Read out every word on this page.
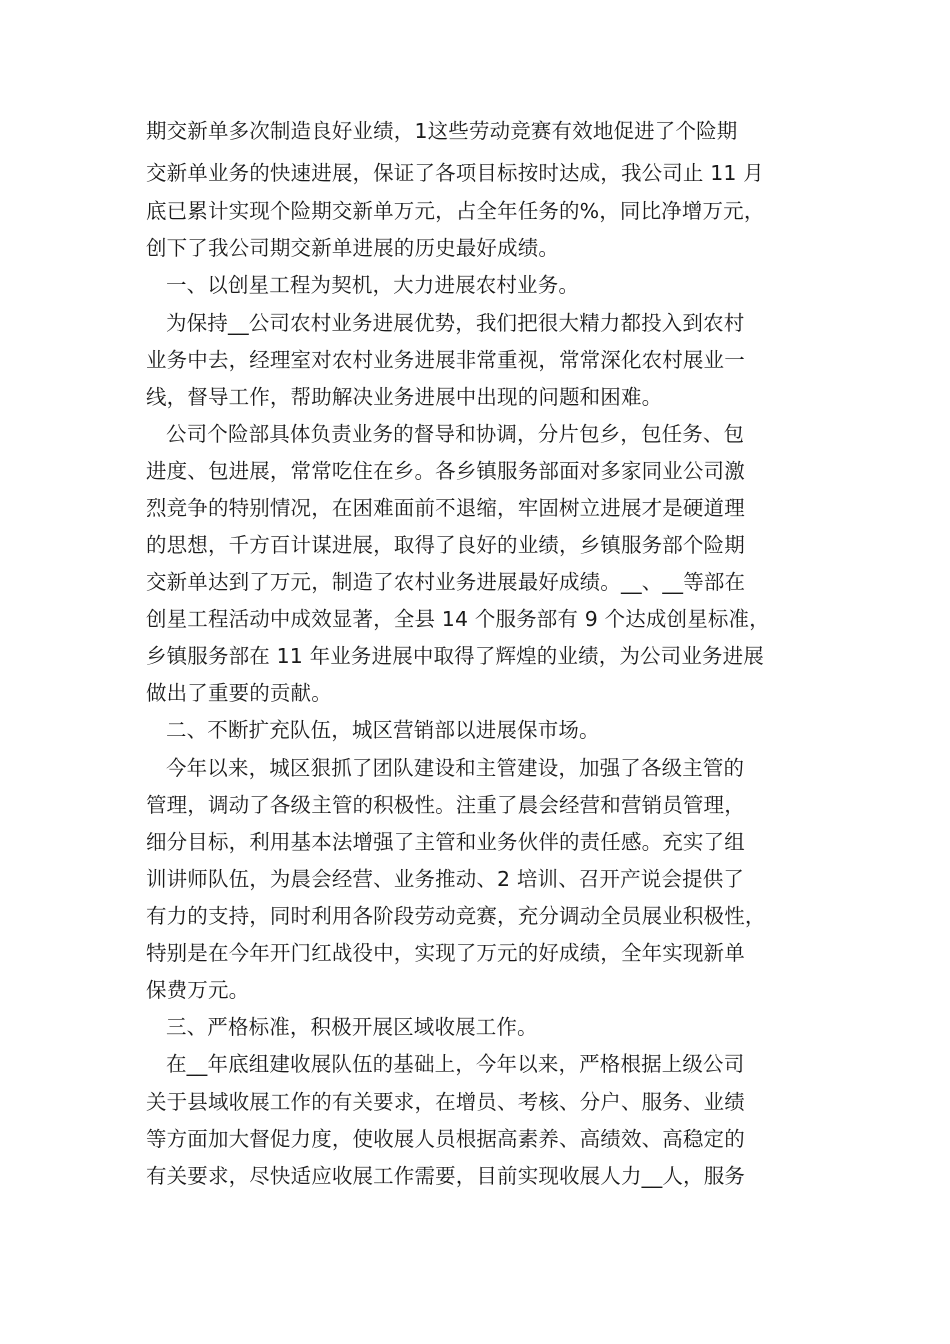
期交新单多次制造良好业绩，1这些劳动竞赛有效地促进了个险期
交新单业务的快速进展，保证了各项目标按时达成，我公司止 11 月
底已累计实现个险期交新单万元，占全年任务的%，同比净增万元，
创下了我公司期交新单进展的历史最好成绩。
一、以创星工程为契机，大力进展农村业务。
为保持__公司农村业务进展优势，我们把很大精力都投入到农村
业务中去，经理室对农村业务进展非常重视，常常深化农村展业一
线，督导工作，帮助解决业务进展中出现的问题和困难。
公司个险部具体负责业务的督导和协调，分片包乡，包任务、包
进度、包进展，常常吃住在乡。各乡镇服务部面对多家同业公司激
烈竞争的特别情况，在困难面前不退缩，牢固树立进展才是硬道理
的思想，千方百计谋进展，取得了良好的业绩，乡镇服务部个险期
交新单达到了万元，制造了农村业务进展最好成绩。__、__等部在
创星工程活动中成效显著，全县 14 个服务部有 9 个达成创星标准，
乡镇服务部在 11 年业务进展中取得了辉煌的业绩，为公司业务进展
做出了重要的贡献。
二、不断扩充队伍，城区营销部以进展保市场。
今年以来，城区狠抓了团队建设和主管建设，加强了各级主管的
管理，调动了各级主管的积极性。注重了晨会经营和营销员管理，
细分目标，利用基本法增强了主管和业务伙伴的责任感。充实了组
训讲师队伍，为晨会经营、业务推动、2 培训、召开产说会提供了
有力的支持，同时利用各阶段劳动竞赛，充分调动全员展业积极性，
特别是在今年开门红战役中，实现了万元的好成绩，全年实现新单
保费万元。
三、严格标准，积极开展区域收展工作。
在__年底组建收展队伍的基础上，今年以来，严格根据上级公司
关于县域收展工作的有关要求，在增员、考核、分户、服务、业绩
等方面加大督促力度，使收展人员根据高素养、高绩效、高稳定的
有关要求，尽快适应收展工作需要，目前实现收展人力__人，服务
